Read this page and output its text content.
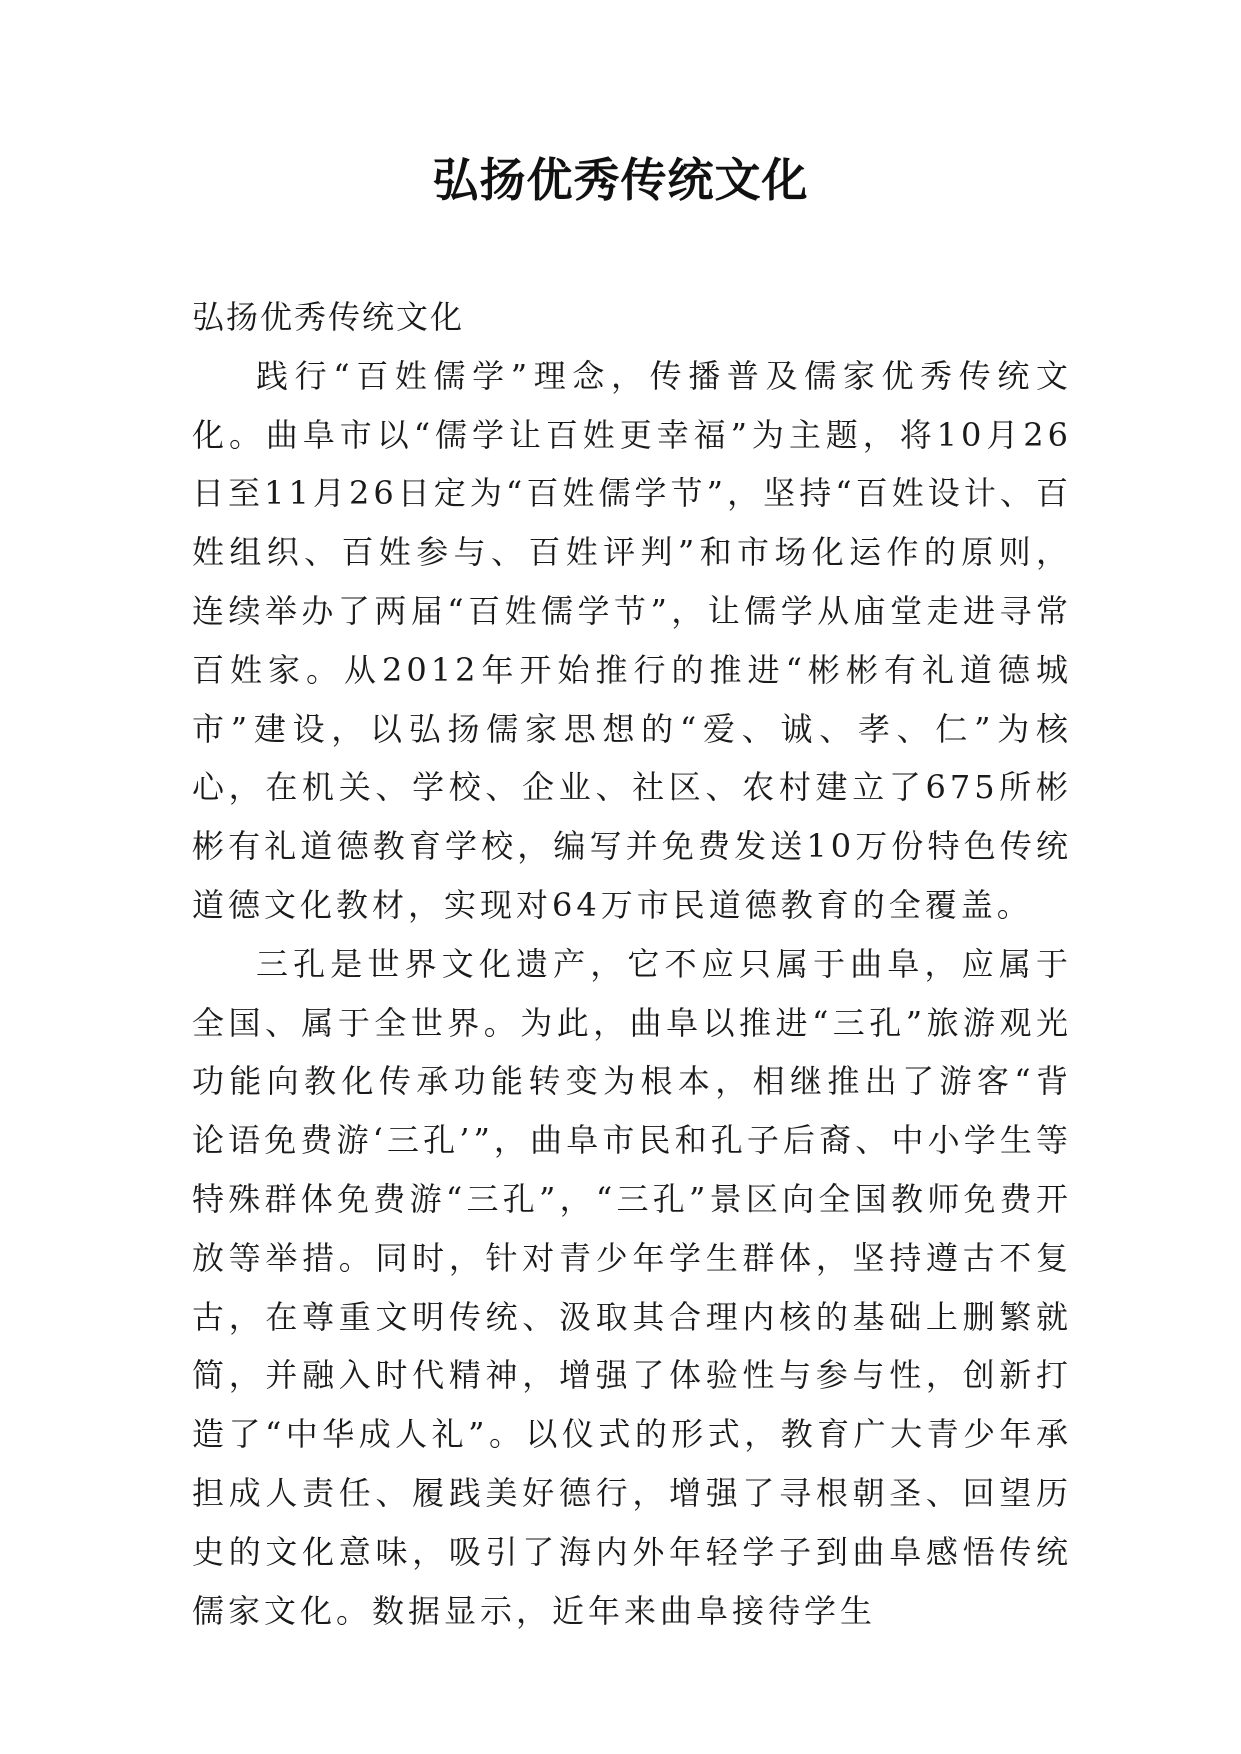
弘扬优秀传统文化

弘扬优秀传统文化

践行“百姓儒学”理念，传播普及儒家优秀传统文化。曲阜市以“儒学让百姓更幸福”为主题，将10月26日至11月26日定为“百姓儒学节”，坚持“百姓设计、百姓组织、百姓参与、百姓评判”和市场化运作的原则，连续举办了两届“百姓儒学节”，让儒学从庙堂走进寻常百姓家。从2012年开始推行的推进“彬彬有礼道德城市”建设，以弘扬儒家思想的“爱、诚、孝、仁”为核心，在机关、学校、企业、社区、农村建立了675所彬彬有礼道德教育学校，编写并免费发送10万份特色传统道德文化教材，实现对64万市民道德教育的全覆盖。

三孔是世界文化遗产，它不应只属于曲阜，应属于全国、属于全世界。为此，曲阜以推进“三孔”旅游观光功能向教化传承功能转变为根本，相继推出了游客“背论语免费游‘三孔’”，曲阜市民和孔子后裔、中小学生等特殊群体免费游“三孔”，“三孔”景区向全国教师免费开放等举措。同时，针对青少年学生群体，坚持遵古不复古，在尊重文明传统、汲取其合理内核的基础上删繁就简，并融入时代精神，增强了体验性与参与性，创新打造了“中华成人礼”。以仪式的形式，教育广大青少年承担成人责任、履践美好德行，增强了寻根朝圣、回望历史的文化意味，吸引了海内外年轻学子到曲阜感悟传统儒家文化。数据显示，近年来曲阜接待学生
